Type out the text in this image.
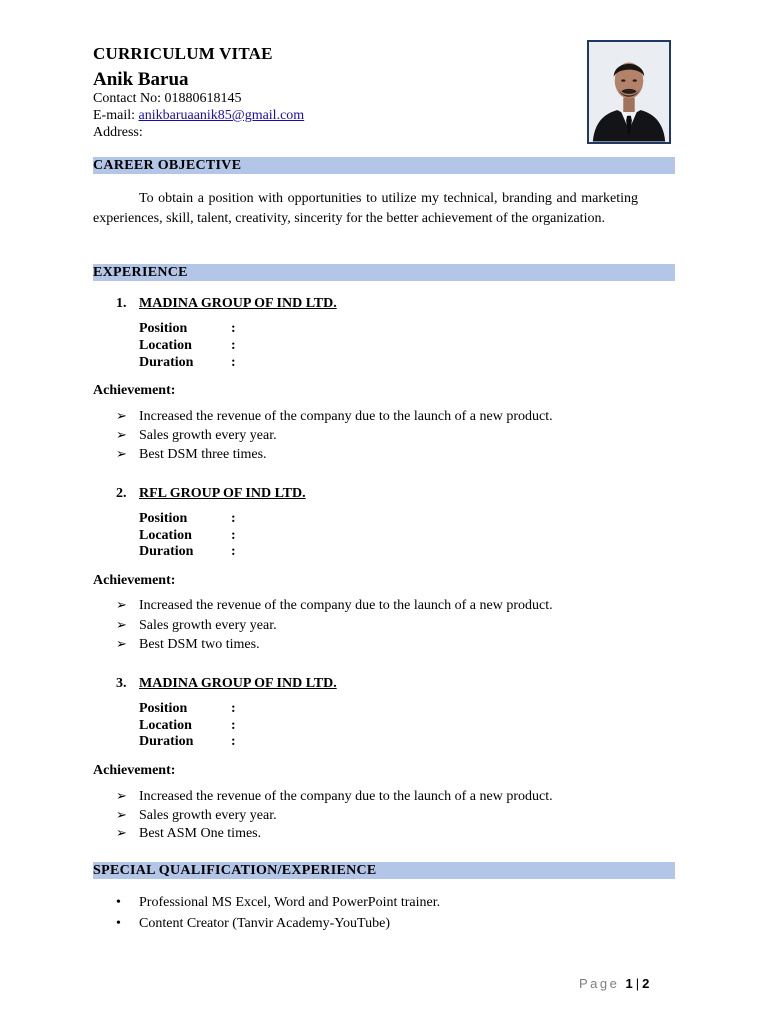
CURRICULUM VITAE
Anik Barua
Contact No: 01880618145
E-mail: anikbaruaanik85@gmail.com
Address:
CAREER OBJECTIVE
To obtain a position with opportunities to utilize my technical, branding and marketing experiences, skill, talent, creativity, sincerity for the better achievement of the organization.
EXPERIENCE
1. MADINA GROUP OF IND LTD.
Position	:
Location	:
Duration	:
Achievement:
➢ Increased the revenue of the company due to the launch of a new product.
➢ Sales growth every year.
➢ Best DSM three times.
2. RFL GROUP OF IND LTD.
Position	:
Location	:
Duration	:
Achievement:
➢ Increased the revenue of the company due to the launch of a new product.
➢ Sales growth every year.
➢ Best DSM two times.
3. MADINA GROUP OF IND LTD.
Position	:
Location	:
Duration	:
Achievement:
➢ Increased the revenue of the company due to the launch of a new product.
➢ Sales growth every year.
➢ Best ASM One times.
SPECIAL QUALIFICATION/EXPERIENCE
• Professional MS Excel, Word and PowerPoint trainer.
• Content Creator (Tanvir Academy-YouTube)
Page 1 | 2
